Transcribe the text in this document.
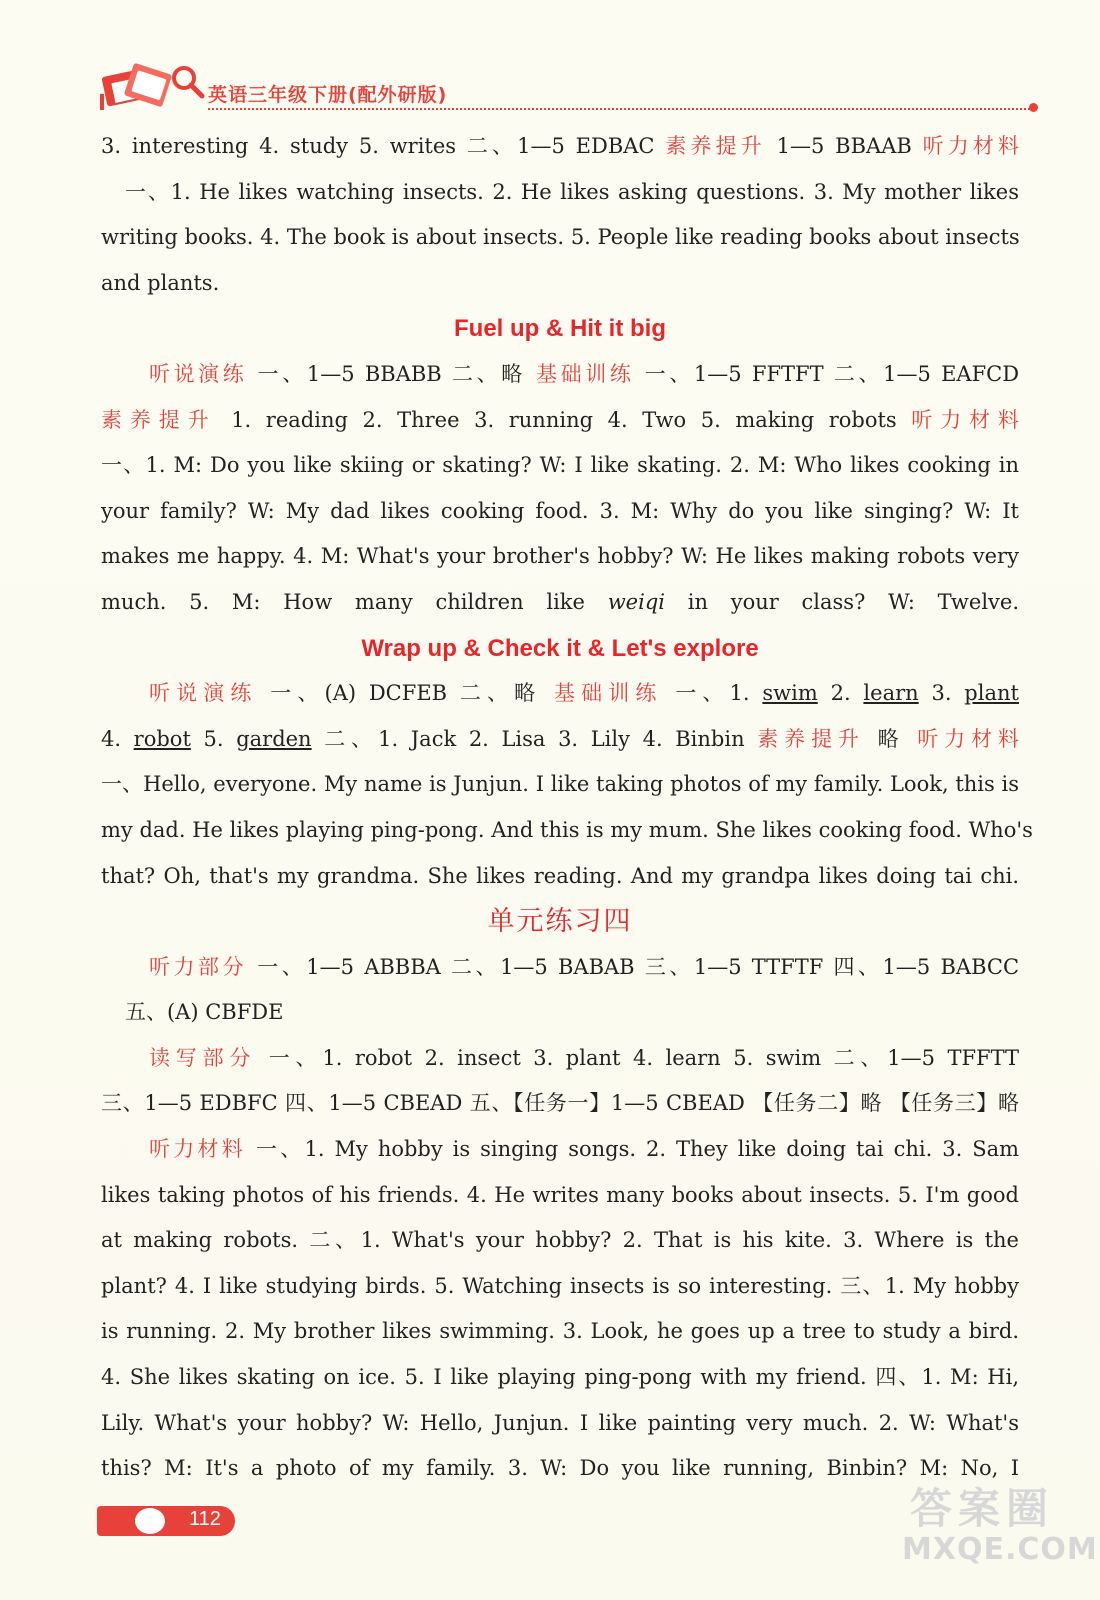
英语三年级下册(配外研版)
3. interesting 4. study 5. writes 二、1—5 EDBAC 素养提升 1—5 BBAAB 听力材料
一、1. He likes watching insects. 2. He likes asking questions. 3. My mother likes
writing books. 4. The book is about insects. 5. People like reading books about insects
and plants.
Fuel up & Hit it big
听说演练 一、1—5 BBABB 二、略 基础训练 一、1—5 FFTFT 二、1—5 EAFCD
素养提升 1. reading 2. Three 3. running 4. Two 5. making robots 听力材料
一、1. M: Do you like skiing or skating? W: I like skating. 2. M: Who likes cooking in
your family? W: My dad likes cooking food. 3. M: Why do you like singing? W: It
makes me happy. 4. M: What's your brother's hobby? W: He likes making robots very
much. 5. M: How many children like weiqi in your class? W: Twelve.
Wrap up & Check it & Let's explore
听说演练 一、(A) DCFEB 二、略 基础训练 一、1. swim 2. learn 3. plant
4. robot 5. garden 二、1. Jack 2. Lisa 3. Lily 4. Binbin 素养提升 略 听力材料
一、Hello, everyone. My name is Junjun. I like taking photos of my family. Look, this is
my dad. He likes playing ping-pong. And this is my mum. She likes cooking food. Who's
that? Oh, that's my grandma. She likes reading. And my grandpa likes doing tai chi.
单元练习四
听力部分 一、1—5 ABBBA 二、1—5 BABAB 三、1—5 TTFTF 四、1—5 BABCC
五、(A) CBFDE
读写部分 一、1. robot 2. insect 3. plant 4. learn 5. swim 二、1—5 TFFTT
三、1—5 EDBFC 四、1—5 CBEAD 五、【任务一】1—5 CBEAD 【任务二】略 【任务三】略
听力材料 一、1. My hobby is singing songs. 2. They like doing tai chi. 3. Sam
likes taking photos of his friends. 4. He writes many books about insects. 5. I'm good
at making robots. 二、1. What's your hobby? 2. That is his kite. 3. Where is the
plant? 4. I like studying birds. 5. Watching insects is so interesting. 三、1. My hobby
is running. 2. My brother likes swimming. 3. Look, he goes up a tree to study a bird.
4. She likes skating on ice. 5. I like playing ping-pong with my friend. 四、1. M: Hi,
Lily. What's your hobby? W: Hello, Junjun. I like painting very much. 2. W: What's
this? M: It's a photo of my family. 3. W: Do you like running, Binbin? M: No, I
112	答案圈
MXQE.COM
